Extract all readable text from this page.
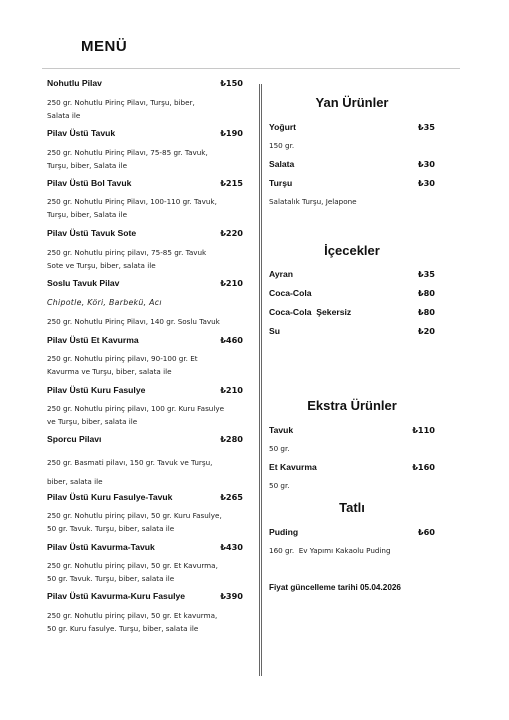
MENÜ
Nohutlu Pilav	₺150
250 gr. Nohutlu Pirinç Pilavı, Turşu, biber,
Salata ile
Pilav Üstü Tavuk	₺190
250 gr. Nohutlu Pirinç Pilavı, 75-85 gr. Tavuk,
Turşu, biber, Salata ile
Pilav Üstü Bol Tavuk	₺215
250 gr. Nohutlu Pirinç Pilavı, 100-110 gr. Tavuk,
Turşu, biber, Salata ile
Pilav Üstü Tavuk Sote	₺220
250 gr. Nohutlu pirinç pilavı, 75-85 gr. Tavuk
Sote ve Turşu, biber, salata ile
Soslu Tavuk Pilav	₺210
Chipotle, Köri, Barbekü, Acı
250 gr. Nohutlu Pirinç Pilavı, 140 gr. Soslu Tavuk
Pilav Üstü Et Kavurma	₺460
250 gr. Nohutlu pirinç pilavı, 90-100 gr. Et
Kavurma ve Turşu, biber, salata ile
Pilav Üstü Kuru Fasulye	₺210
250 gr. Nohutlu pirinç pilavı, 100 gr. Kuru Fasulye
ve Turşu, biber, salata ile
Sporcu Pilavı	₺280
250 gr. Basmati pilavı, 150 gr. Tavuk ve Turşu,
biber, salata ile
Pilav Üstü Kuru Fasulye-Tavuk	₺265
250 gr. Nohutlu pirinç pilavı, 50 gr. Kuru Fasulye,
50 gr. Tavuk. Turşu, biber, salata ile
Pilav Üstü Kavurma-Tavuk	₺430
250 gr. Nohutlu pirinç pilavı, 50 gr. Et Kavurma,
50 gr. Tavuk. Turşu, biber, salata ile
Pilav Üstü Kavurma-Kuru Fasulye	₺390
250 gr. Nohutlu pirinç pilavı, 50 gr. Et kavurma,
50 gr. Kuru fasulye. Turşu, biber, salata ile
Yan Ürünler
Yoğurt	₺35
150 gr.
Salata	₺30
Turşu	₺30
Salatalık Turşu, Jelapone
İçecekler
Ayran	₺35
Coca-Cola	₺80
Coca-Cola  Şekersiz	₺80
Su	₺20
Ekstra Ürünler
Tavuk	₺110
50 gr.
Et Kavurma	₺160
50 gr.
Tatlı
Puding	₺60
160 gr.  Ev Yapımı Kakaolu Puding
Fiyat güncelleme tarihi 05.04.2026
